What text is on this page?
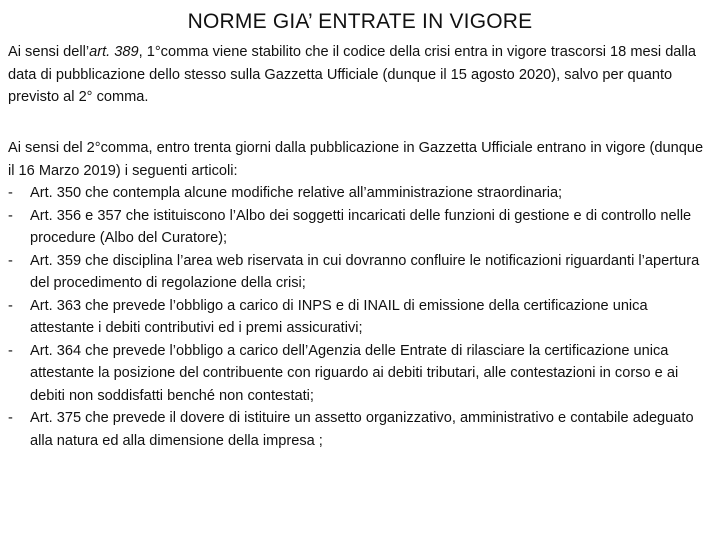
NORME GIA’ ENTRATE IN VIGORE
Ai sensi dell’art. 389, 1°comma viene stabilito che il codice della crisi entra in vigore trascorsi 18 mesi dalla data di pubblicazione dello stesso sulla Gazzetta Ufficiale (dunque il 15 agosto 2020), salvo per quanto previsto al 2° comma.
Ai sensi del 2°comma, entro trenta giorni dalla pubblicazione in Gazzetta Ufficiale entrano in vigore (dunque il 16 Marzo 2019) i seguenti articoli:
- Art. 350 che contempla alcune modifiche relative all’amministrazione straordinaria;
- Art. 356 e 357 che istituiscono l’Albo dei soggetti incaricati delle funzioni di gestione e di controllo nelle procedure (Albo del Curatore);
- Art. 359 che disciplina l’area web riservata in cui dovranno confluire le notificazioni riguardanti l’apertura del procedimento di regolazione della crisi;
- Art. 363 che prevede l’obbligo a carico di INPS e di INAIL di emissione della certificazione unica attestante i debiti contributivi ed i premi assicurativi;
- Art. 364 che prevede l’obbligo a carico dell’Agenzia delle Entrate di rilasciare la certificazione unica attestante la posizione del contribuente con riguardo ai debiti tributari, alle contestazioni in corso e ai debiti non soddisfatti benché non contestati;
- Art. 375 che prevede il dovere di istituire un assetto organizzativo, amministrativo e contabile adeguato alla natura ed alla dimensione della impresa ;
